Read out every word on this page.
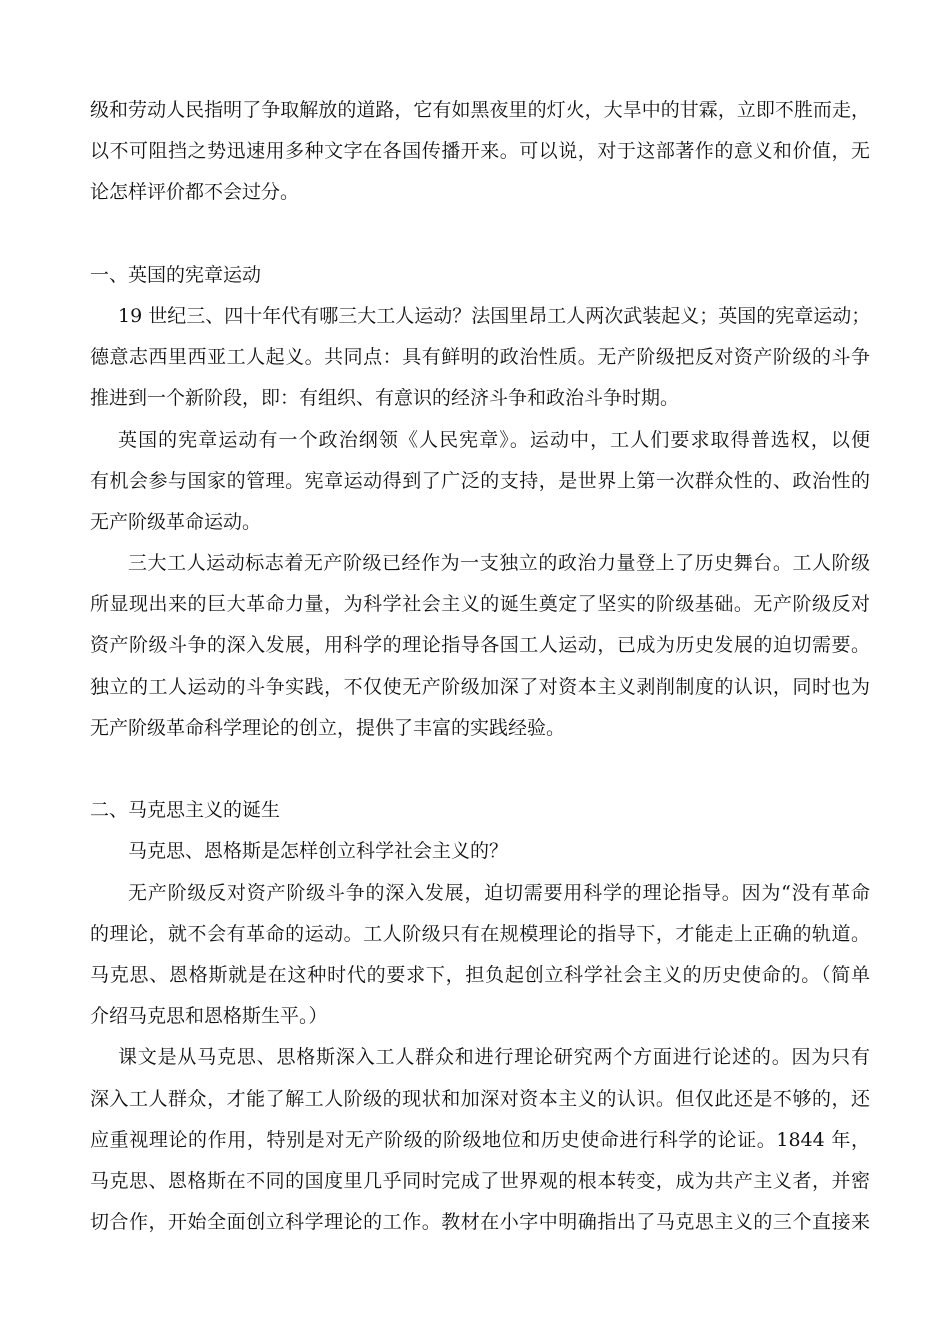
级和劳动人民指明了争取解放的道路，它有如黑夜里的灯火，大旱中的甘霖，立即不胜而走，
以不可阻挡之势迅速用多种文字在各国传播开来。可以说，对于这部著作的意义和价值，无
论怎样评价都不会过分。
一、英国的宪章运动
19 世纪三、四十年代有哪三大工人运动？法国里昂工人两次武装起义；英国的宪章运动；
德意志西里西亚工人起义。共同点：具有鲜明的政治性质。无产阶级把反对资产阶级的斗争
推进到一个新阶段，即：有组织、有意识的经济斗争和政治斗争时期。
英国的宪章运动有一个政治纲领《人民宪章》。运动中，工人们要求取得普选权，以便
有机会参与国家的管理。宪章运动得到了广泛的支持，是世界上第一次群众性的、政治性的
无产阶级革命运动。
三大工人运动标志着无产阶级已经作为一支独立的政治力量登上了历史舞台。工人阶级
所显现出来的巨大革命力量，为科学社会主义的诞生奠定了坚实的阶级基础。无产阶级反对
资产阶级斗争的深入发展，用科学的理论指导各国工人运动，已成为历史发展的迫切需要。
独立的工人运动的斗争实践，不仅使无产阶级加深了对资本主义剥削制度的认识，同时也为
无产阶级革命科学理论的创立，提供了丰富的实践经验。
二、马克思主义的诞生
马克思、恩格斯是怎样创立科学社会主义的？
无产阶级反对资产阶级斗争的深入发展，迫切需要用科学的理论指导。因为“没有革命
的理论，就不会有革命的运动。工人阶级只有在规模理论的指导下，才能走上正确的轨道。
马克思、恩格斯就是在这种时代的要求下，担负起创立科学社会主义的历史使命的。（简单
介绍马克思和恩格斯生平。）
课文是从马克思、思格斯深入工人群众和进行理论研究两个方面进行论述的。因为只有
深入工人群众，才能了解工人阶级的现状和加深对资本主义的认识。但仅此还是不够的，还
应重视理论的作用，特别是对无产阶级的阶级地位和历史使命进行科学的论证。1844 年，
马克思、恩格斯在不同的国度里几乎同时完成了世界观的根本转变，成为共产主义者，并密
切合作，开始全面创立科学理论的工作。教材在小字中明确指出了马克思主义的三个直接来
